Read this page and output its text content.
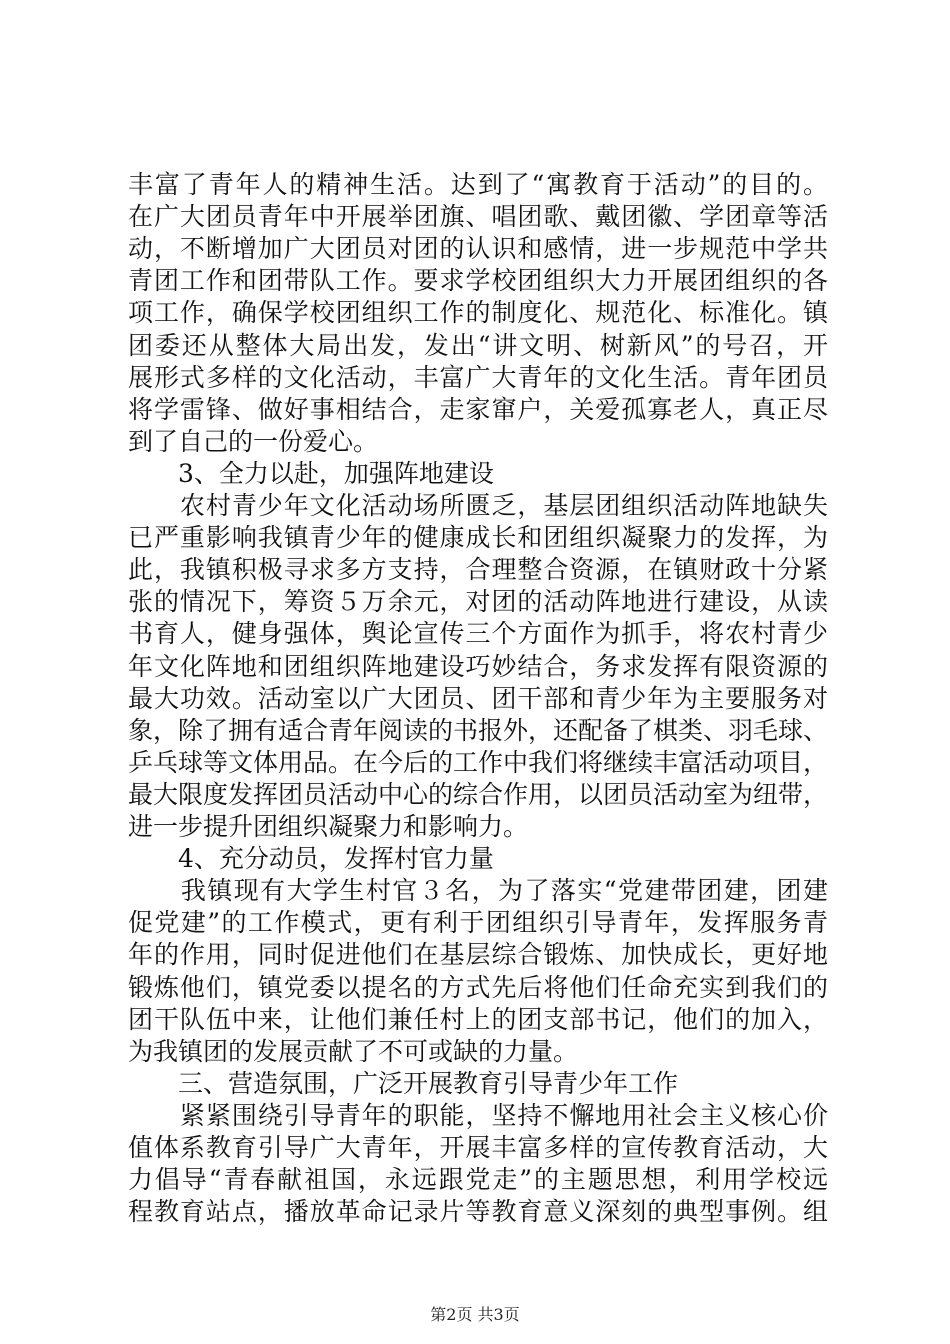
丰富了青年人的精神生活。达到了“寓教育于活动”的目的。
在广大团员青年中开展举团旗、唱团歌、戴团徽、学团章等活
动，不断增加广大团员对团的认识和感情，进一步规范中学共
青团工作和团带队工作。要求学校团组织大力开展团组织的各
项工作，确保学校团组织工作的制度化、规范化、标准化。镇
团委还从整体大局出发，发出“讲文明、树新风”的号召，开
展形式多样的文化活动，丰富广大青年的文化生活。青年团员
将学雷锋、做好事相结合，走家窜户，关爱孤寡老人，真正尽
到了自己的一份爱心。
　　3、全力以赴，加强阵地建设
　　农村青少年文化活动场所匮乏，基层团组织活动阵地缺失
已严重影响我镇青少年的健康成长和团组织凝聚力的发挥，为
此，我镇积极寻求多方支持，合理整合资源，在镇财政十分紧
张的情况下，筹资５万余元，对团的活动阵地进行建设，从读
书育人，健身强体，舆论宣传三个方面作为抓手，将农村青少
年文化阵地和团组织阵地建设巧妙结合，务求发挥有限资源的
最大功效。活动室以广大团员、团干部和青少年为主要服务对
象，除了拥有适合青年阅读的书报外，还配备了棋类、羽毛球、
乒乓球等文体用品。在今后的工作中我们将继续丰富活动项目，
最大限度发挥团员活动中心的综合作用，以团员活动室为纽带，
进一步提升团组织凝聚力和影响力。
　　4、充分动员，发挥村官力量
　　我镇现有大学生村官３名，为了落实“党建带团建，团建
促党建”的工作模式，更有利于团组织引导青年，发挥服务青
年的作用，同时促进他们在基层综合锻炼、加快成长，更好地
锻炼他们，镇党委以提名的方式先后将他们任命充实到我们的
团干队伍中来，让他们兼任村上的团支部书记，他们的加入，
为我镇团的发展贡献了不可或缺的力量。
　　三、营造氛围，广泛开展教育引导青少年工作
　　紧紧围绕引导青年的职能，坚持不懈地用社会主义核心价
值体系教育引导广大青年，开展丰富多样的宣传教育活动，大
力倡导“青春献祖国，永远跟党走”的主题思想，利用学校远
程教育站点，播放革命记录片等教育意义深刻的典型事例。组
第2页 共3页
